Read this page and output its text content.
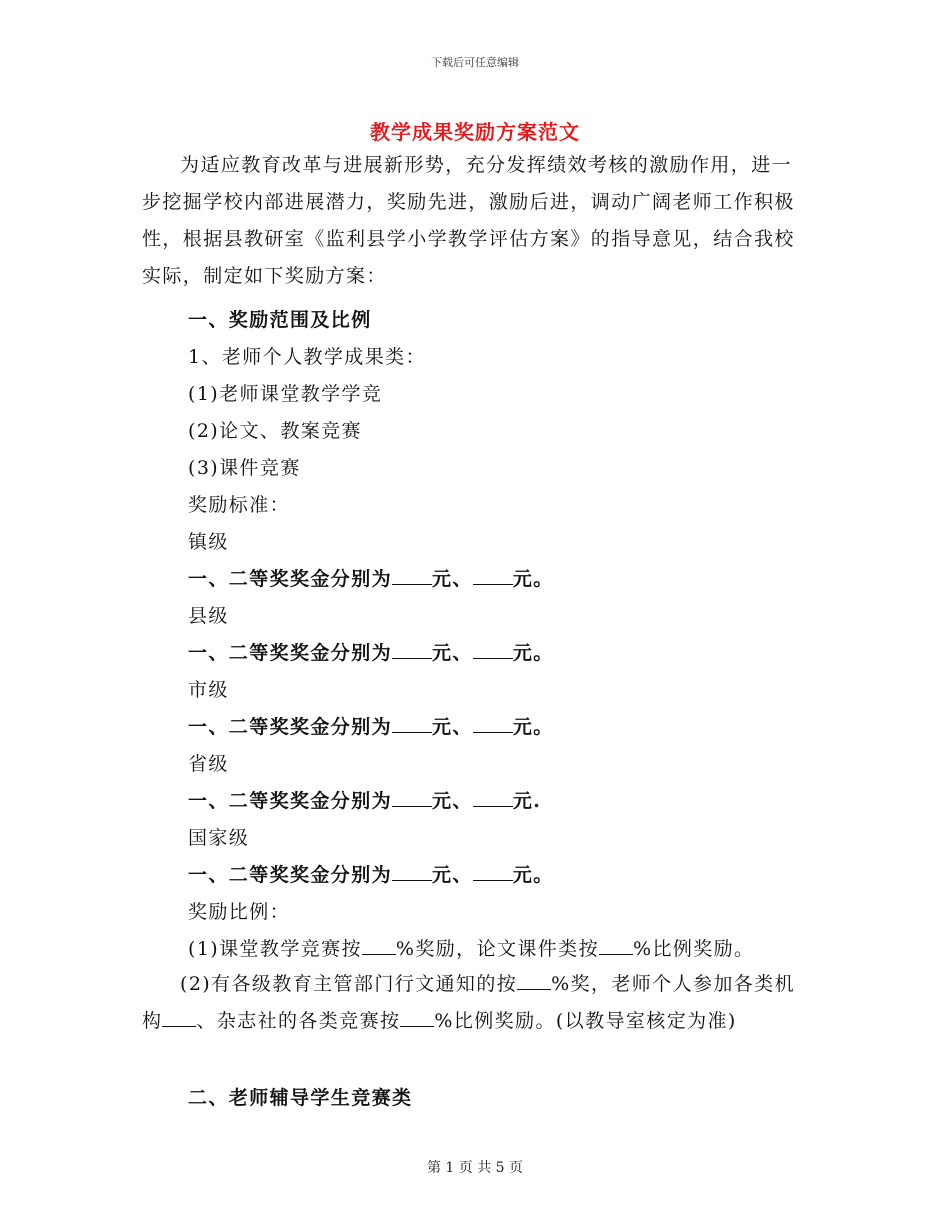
下载后可任意编辑
教学成果奖励方案范文

为适应教育改革与进展新形势，充分发挥绩效考核的激励作用，进一步挖掘学校内部进展潜力，奖励先进，激励后进，调动广阔老师工作积极性，根据县教研室《监利县学小学教学评估方案》的指导意见，结合我校实际，制定如下奖励方案：

一、奖励范围及比例
1、老师个人教学成果类：
(1)老师课堂教学学竞
(2)论文、教案竞赛
(3)课件竞赛
奖励标准：
镇级
一、二等奖奖金分别为 元、 元。
县级
一、二等奖奖金分别为 元、 元。
市级
一、二等奖奖金分别为 元、 元。
省级
一、二等奖奖金分别为 元、 元.
国家级
一、二等奖奖金分别为 元、 元。
奖励比例：
(1)课堂教学竞赛按 %奖励，论文课件类按 %比例奖励。

(2)有各级教育主管部门行文通知的按 %奖，老师个人参加各类机构 、杂志社的各类竞赛按 %比例奖励。(以教导室核定为准)

二、老师辅导学生竞赛类
第 1 页 共 5 页
